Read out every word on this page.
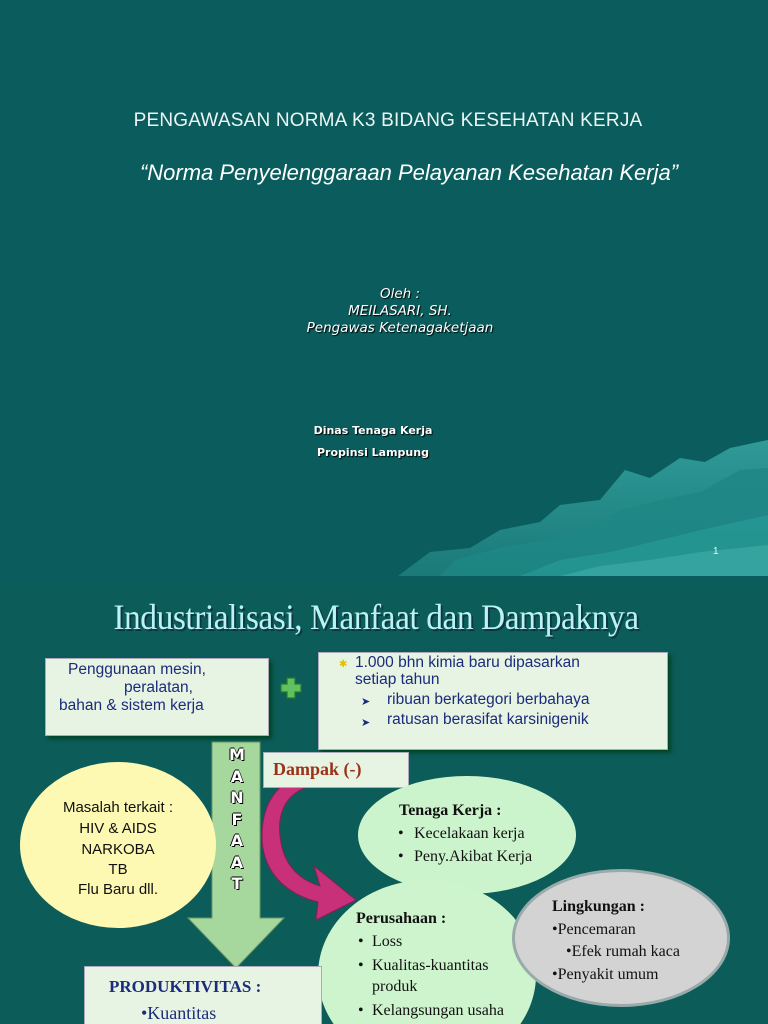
PENGAWASAN NORMA K3 BIDANG KESEHATAN KERJA
“Norma Penyelenggaraan Pelayanan Kesehatan Kerja”
Oleh :
MEILASARI, SH.
Pengawas Ketenagaketjaan
Dinas Tenaga Kerja
Propinsi Lampung
1
Industrialisasi, Manfaat dan Dampaknya
Penggunaan mesin,
peralatan,
bahan & sistem kerja
✱ 1.000 bhn kimia baru dipasarkan
setiap tahun
➤ ribuan berkategori berbahaya
➤ ratusan berasifat karsinigenik
Dampak (-)
M
A
N
F
A
A
T
Masalah terkait :
HIV & AIDS
NARKOBA
TB
Flu Baru dll.
Tenaga Kerja :
• Kecelakaan kerja
• Peny.Akibat Kerja
Perusahaan :
• Loss
• Kualitas-kuantitas
produk
• Kelangsungan usaha
Lingkungan :
•Pencemaran
•Efek rumah kaca
•Penyakit umum
PRODUKTIVITAS :
•Kuantitas
